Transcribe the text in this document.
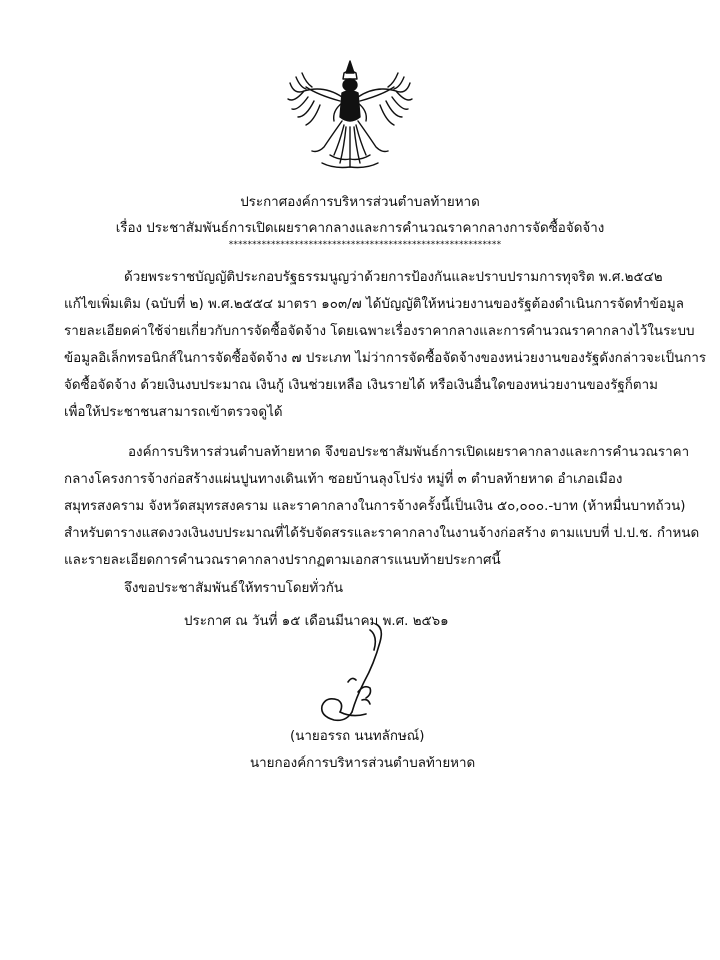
ประกาศองค์การบริหารส่วนตำบลท้ายหาด
เรื่อง ประชาสัมพันธ์การเปิดเผยราคากลางและการคำนวณราคากลางการจัดซื้อจัดจ้าง
**********************************************************
ด้วยพระราชบัญญัติประกอบรัฐธรรมนูญว่าด้วยการป้องกันและปราบปรามการทุจริต พ.ศ.๒๕๔๒
แก้ไขเพิ่มเติม (ฉบับที่ ๒) พ.ศ.๒๕๕๔ มาตรา ๑๐๓/๗ ได้บัญญัติให้หน่วยงานของรัฐต้องดำเนินการจัดทำข้อมูล
รายละเอียดค่าใช้จ่ายเกี่ยวกับการจัดซื้อจัดจ้าง โดยเฉพาะเรื่องราคากลางและการคำนวณราคากลางไว้ในระบบ
ข้อมูลอิเล็กทรอนิกส์ในการจัดซื้อจัดจ้าง ๗ ประเภท ไม่ว่าการจัดซื้อจัดจ้างของหน่วยงานของรัฐดังกล่าวจะเป็นการ
จัดซื้อจัดจ้าง ด้วยเงินงบประมาณ เงินกู้ เงินช่วยเหลือ เงินรายได้ หรือเงินอื่นใดของหน่วยงานของรัฐก็ตาม
เพื่อให้ประชาชนสามารถเข้าตรวจดูได้
องค์การบริหารส่วนตำบลท้ายหาด จึงขอประชาสัมพันธ์การเปิดเผยราคากลางและการคำนวณราคา
กลางโครงการจ้างก่อสร้างแผ่นปูนทางเดินเท้า ซอยบ้านลุงโปร่ง หมู่ที่ ๓ ตำบลท้ายหาด อำเภอเมือง
สมุทรสงคราม จังหวัดสมุทรสงคราม และราคากลางในการจ้างครั้งนี้เป็นเงิน ๕๐,๐๐๐.-บาท (ห้าหมื่นบาทถ้วน)
สำหรับตารางแสดงวงเงินงบประมาณที่ได้รับจัดสรรและราคากลางในงานจ้างก่อสร้าง ตามแบบที่ ป.ป.ช. กำหนด
และรายละเอียดการคำนวณราคากลางปรากฏตามเอกสารแนบท้ายประกาศนี้
จึงขอประชาสัมพันธ์ให้ทราบโดยทั่วกัน
ประกาศ ณ วันที่ ๑๕ เดือนมีนาคม พ.ศ. ๒๕๖๑
(นายอรรถ นนทลักษณ์)
นายกองค์การบริหารส่วนตำบลท้ายหาด
